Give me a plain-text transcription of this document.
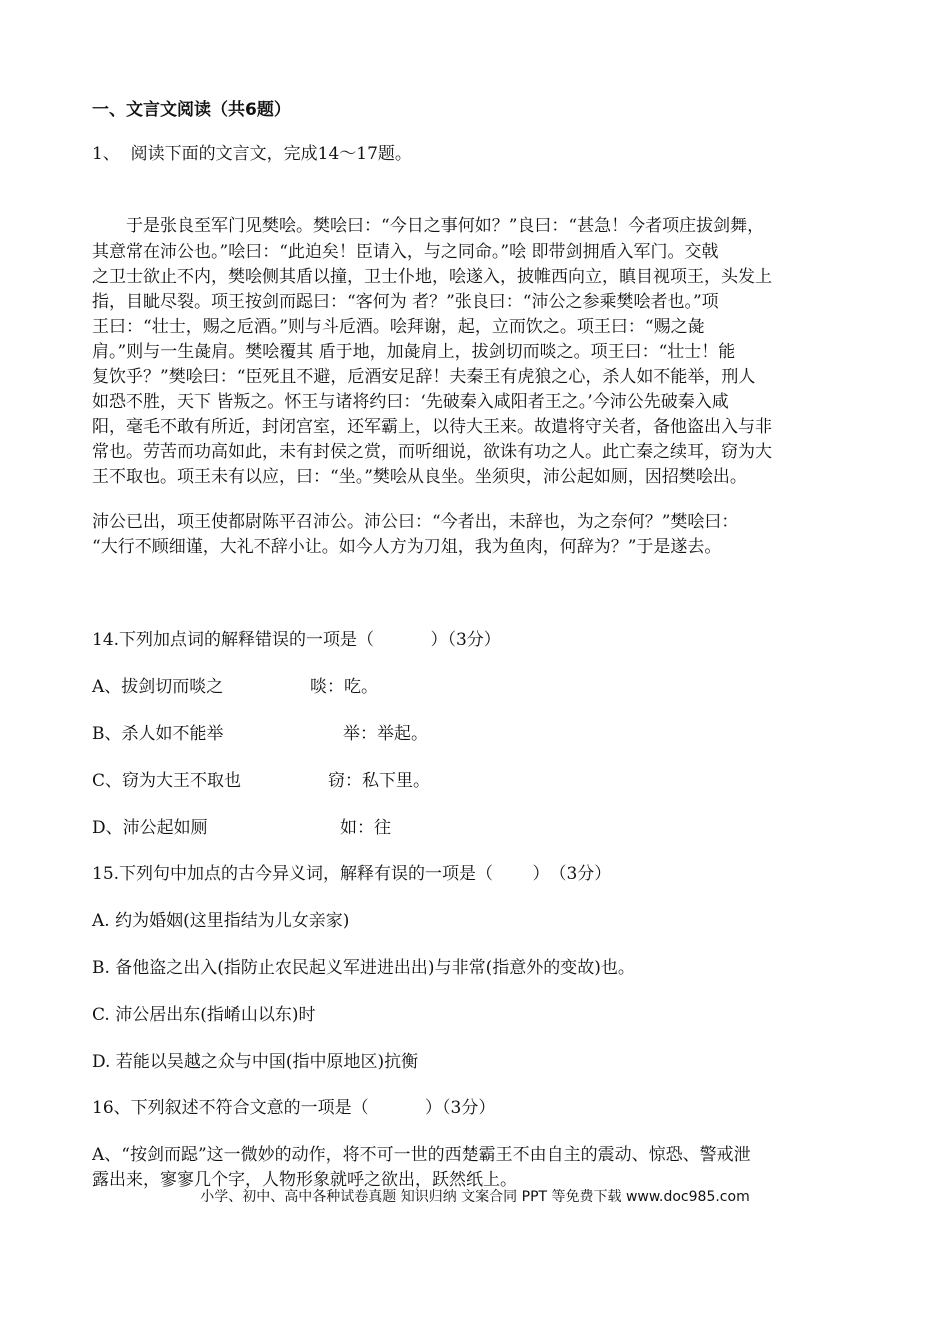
一、文言文阅读（共6题）
1、  阅读下面的文言文，完成14～17题。
于是张良至军门见樊哙。樊哙曰：“今日之事何如？”良曰：“甚急！今者项庄拔剑舞，
其意常在沛公也。”哙曰：“此迫矣！臣请入，与之同命。”哙 即带剑拥盾入军门。交戟
之卫士欲止不内，樊哙侧其盾以撞，卫士仆地，哙遂入，披帷西向立，瞋目视项王，头发上
指，目眦尽裂。项王按剑而跽曰：“客何为 者？”张良曰：“沛公之参乘樊哙者也。”项
王曰：“壮士，赐之卮酒。”则与斗卮酒。哙拜谢，起，立而饮之。项王曰：“赐之彘
肩。”则与一生彘肩。樊哙覆其 盾于地，加彘肩上，拔剑切而啖之。项王曰：“壮士！能
复饮乎？”樊哙曰：“臣死且不避，卮酒安足辞！夫秦王有虎狼之心，杀人如不能举，刑人
如恐不胜，天下 皆叛之。怀王与诸将约曰：‘先破秦入咸阳者王之。’今沛公先破秦入咸
阳，毫毛不敢有所近，封闭宫室，还军霸上，以待大王来。故遣将守关者，备他盗出入与非
常也。劳苦而功高如此，未有封侯之赏，而听细说，欲诛有功之人。此亡秦之续耳，窃为大
王不取也。项王未有以应，曰：“坐。”樊哙从良坐。坐须臾，沛公起如厕，因招樊哙出。
沛公已出，项王使都尉陈平召沛公。沛公曰：“今者出，未辞也，为之奈何？”樊哙曰：
“大行不顾细谨，大礼不辞小让。如今人方为刀俎，我为鱼肉，何辞为？”于是遂去。
14.下列加点词的解释错误的一项是（　　　 ）（3分）
A、拔剑切而啖之	啖：吃。
B、杀人如不能举	举：举起。
C、窃为大王不取也	窃：私下里。
D、沛公起如厕	如：往
15.下列句中加点的古今异义词，解释有误的一项是（　　 ）　（3分）
A. 约为婚姻(这里指结为儿女亲家)
B. 备他盗之出入(指防止农民起义军进进出出)与非常(指意外的变故)也。
C. 沛公居出东(指崤山以东)时
D. 若能以吴越之众与中国(指中原地区)抗衡
16、下列叙述不符合文意的一项是（　　　 ）（3分）
A、“按剑而跽”这一微妙的动作，将不可一世的西楚霸王不由自主的震动、惊恐、警戒泄
露出来，寥寥几个字，人物形象就呼之欲出，跃然纸上。
小学、初中、高中各种试卷真题 知识归纳 文案合同 PPT 等免费下载 www.doc985.com
